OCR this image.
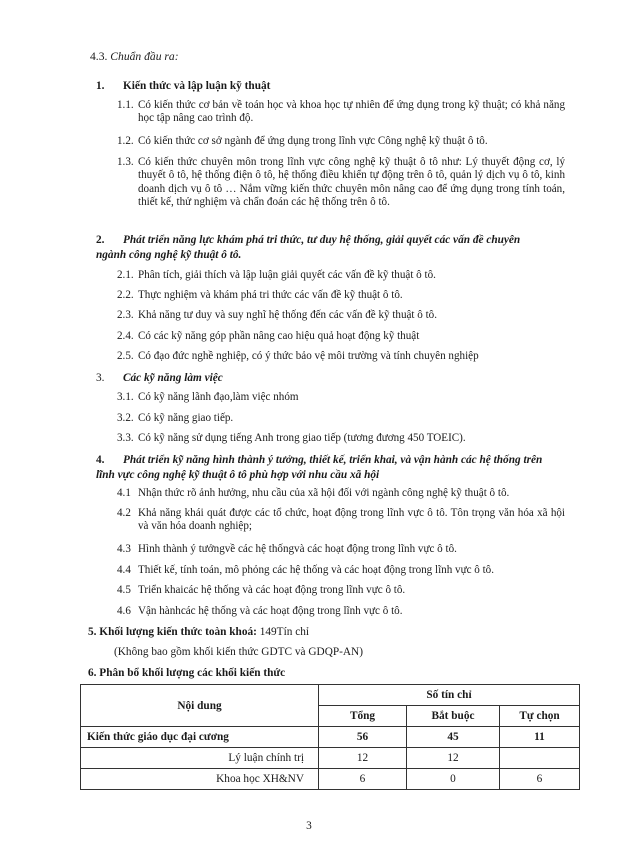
4.3. Chuẩn đầu ra:
1. Kiến thức và lập luận kỹ thuật
1.1. Có kiến thức cơ bản về toán học và khoa học tự nhiên để ứng dụng trong kỹ thuật; có khả năng học tập nâng cao trình độ.
1.2. Có kiến thức cơ sở ngành để ứng dụng trong lĩnh vực Công nghệ kỹ thuật ô tô.
1.3. Có kiến thức chuyên môn trong lĩnh vực công nghệ kỹ thuật ô tô như: Lý thuyết động cơ, lý thuyết ô tô, hệ thống điện ô tô, hệ thống điều khiển tự động trên ô tô, quản lý dịch vụ ô tô, kinh doanh dịch vụ ô tô … Nắm vững kiến thức chuyên môn nâng cao để ứng dụng trong tính toán, thiết kế, thử nghiệm và chẩn đoán các hệ thống trên ô tô.
2. Phát triển năng lực khám phá tri thức, tư duy hệ thống, giải quyết các vấn đề chuyên ngành công nghệ kỹ thuật ô tô.
2.1. Phân tích, giải thích và lập luận giải quyết các vấn đề kỹ thuật ô tô.
2.2. Thực nghiệm và khám phá tri thức các vấn đề kỹ thuật ô tô.
2.3. Khả năng tư duy và suy nghĩ hệ thống đến các vấn đề kỹ thuật ô tô.
2.4. Có các kỹ năng góp phần nâng cao hiệu quả hoạt động kỹ thuật
2.5. Có đạo đức nghề nghiệp, có ý thức bảo vệ môi trường và tính chuyên nghiệp
3. Các kỹ năng làm việc
3.1. Có kỹ năng lãnh đạo,làm việc nhóm
3.2. Có kỹ năng giao tiếp.
3.3. Có kỹ năng sử dụng tiếng Anh trong giao tiếp (tương đương 450 TOEIC).
4. Phát triển kỹ năng hình thành ý tưởng, thiết kế, triển khai, và vận hành các hệ thống trên lĩnh vực công nghệ kỹ thuật ô tô phù hợp với nhu cầu xã hội
4.1 Nhận thức rõ ảnh hưởng, nhu cầu của xã hội đối với ngành công nghệ kỹ thuật ô tô.
4.2 Khả năng khái quát được các tổ chức, hoạt động trong lĩnh vực ô tô. Tôn trọng văn hóa xã hội và văn hóa doanh nghiệp;
4.3 Hình thành ý tưởngvề các hệ thốngvà các hoạt động trong lĩnh vực ô tô.
4.4 Thiết kế, tính toán, mô phỏng các hệ thống và các hoạt động trong lĩnh vực ô tô.
4.5 Triển khaicác hệ thống và các hoạt động trong lĩnh vực ô tô.
4.6 Vận hànhcác hệ thống và các hoạt động trong lĩnh vực ô tô.
5. Khối lượng kiến thức toàn khoá: 149Tín chỉ
(Không bao gồm khối kiến thức GDTC và GDQP-AN)
6. Phân bổ khối lượng các khối kiến thức
Nội dung	Số tín chỉ		
	Tổng	Bắt buộc	Tự chọn
Kiến thức giáo dục đại cương	56	45	11
Lý luận chính trị	12	12	
Khoa học XH&NV	6	0	6
3
